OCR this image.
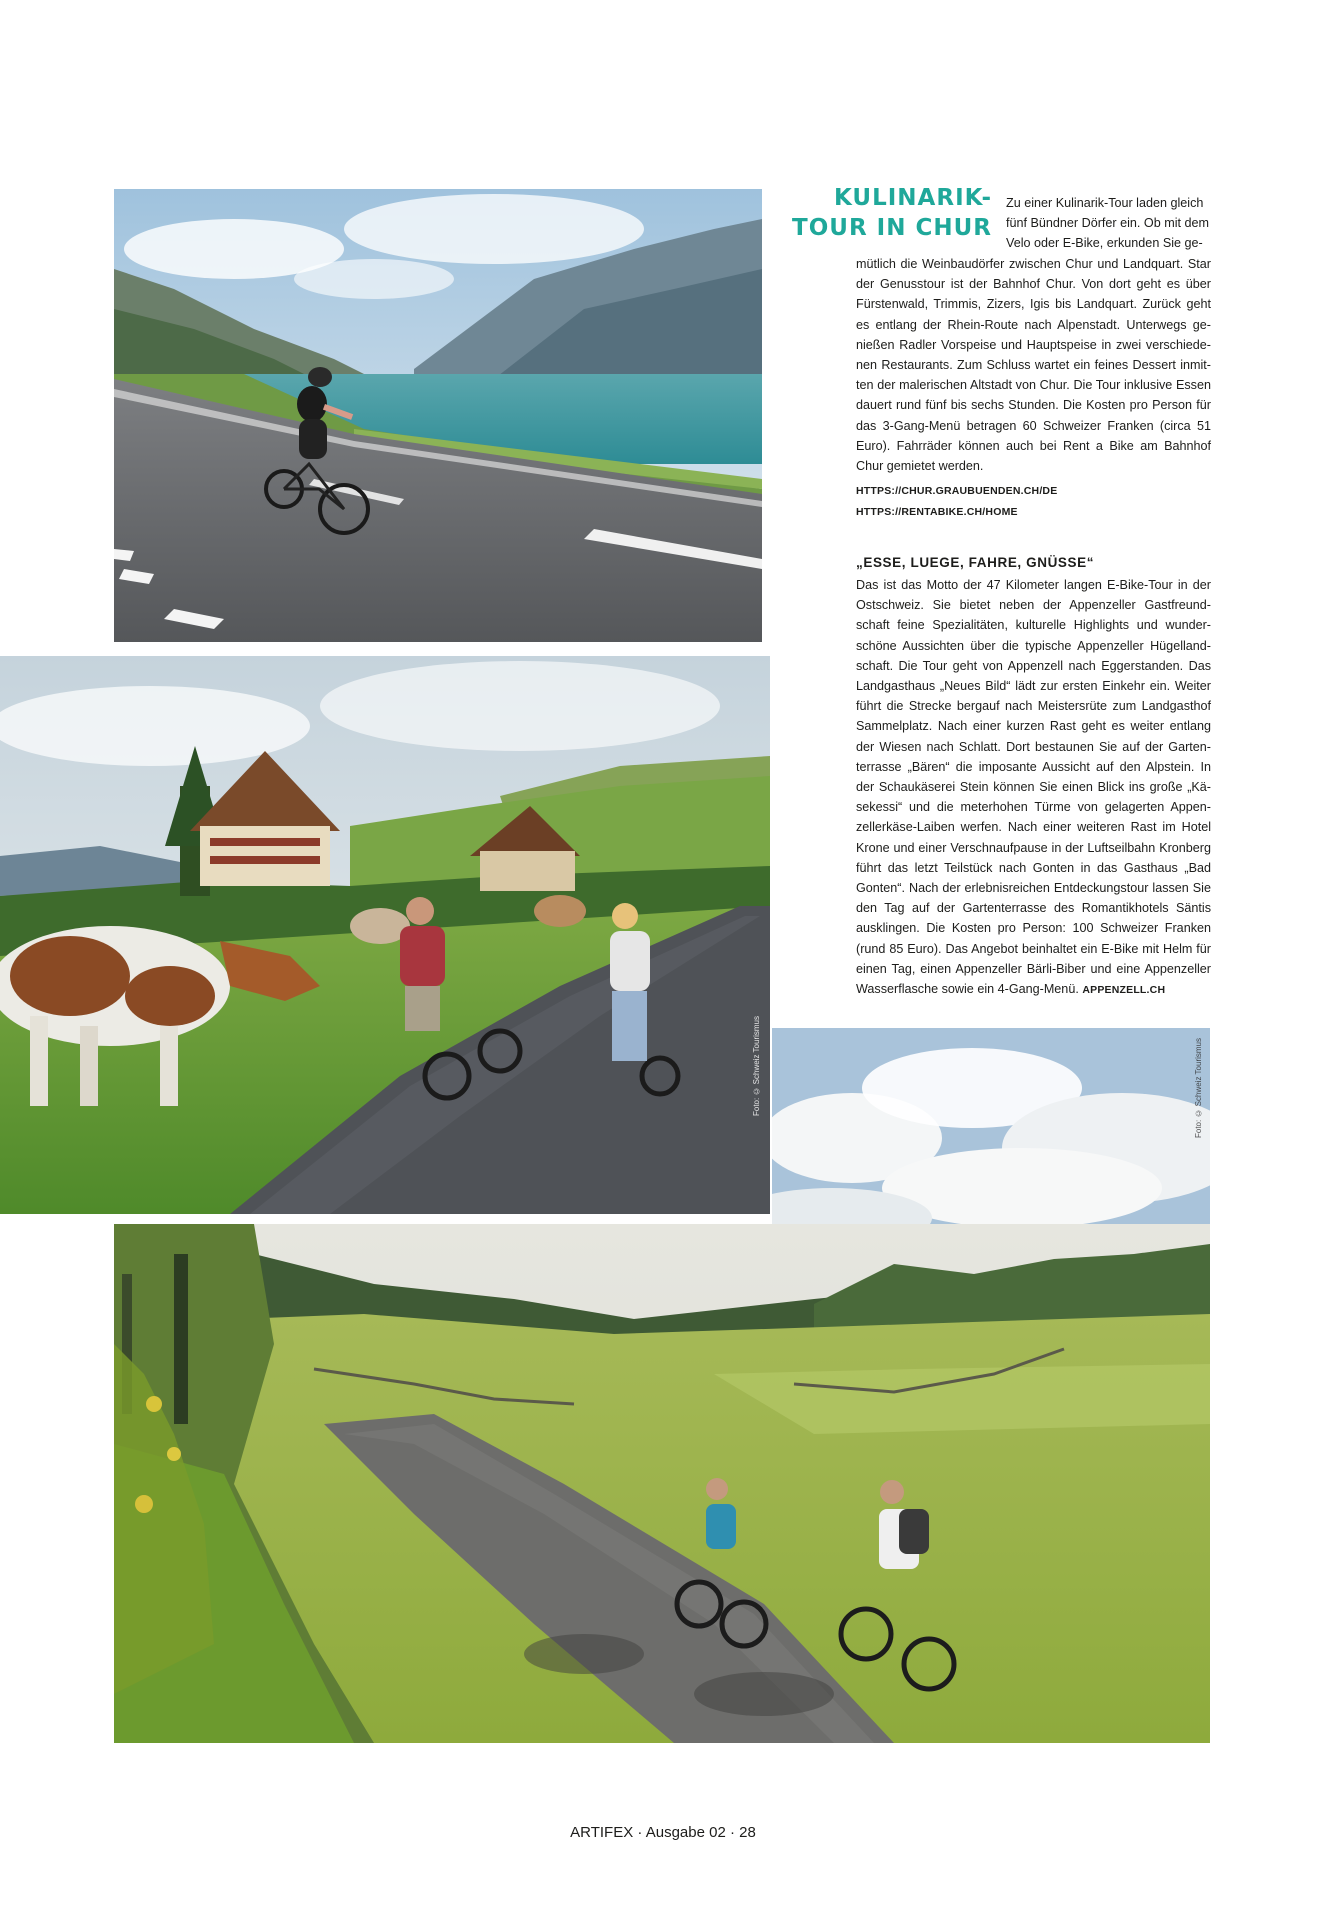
Foto: © Schweiz Tourismus	Foto: © Schweiz Tourismus
KULINARIK-
TOUR IN CHUR

Zu einer Kulinarik-Tour laden gleich

fünf Bündner Dörfer ein. Ob mit dem

Velo oder E-Bike, erkunden Sie ge-

mütlich die Weinbaudörfer zwischen Chur und Landquart. Star der Genusstour ist der Bahnhof Chur. Von dort geht es über Fürstenwald, Trimmis, Zizers, Igis bis Landquart. Zurück geht es entlang der Rhein-Route nach Alpenstadt. Unterwegs ge-nießen Radler Vorspeise und Hauptspeise in zwei verschiede-nen Restaurants. Zum Schluss wartet ein feines Dessert inmit-ten der malerischen Altstadt von Chur. Die Tour inklusive Essen dauert rund fünf bis sechs Stunden. Die Kosten pro Person für das 3-Gang-Menü betragen 60 Schweizer Franken (circa 51 Euro). Fahrräder können auch bei Rent a Bike am Bahnhof Chur gemietet werden.

HTTPS://CHUR.GRAUBUENDEN.CH/DE

HTTPS://RENTABIKE.CH/HOME

„ESSE, LUEGE, FAHRE, GNÜSSE“

Das ist das Motto der 47 Kilometer langen E-Bike-Tour in der Ostschweiz. Sie bietet neben der Appenzeller Gastfreund-schaft feine Spezialitäten, kulturelle Highlights und wunder-schöne Aussichten über die typische Appenzeller Hügelland-schaft. Die Tour geht von Appenzell nach Eggerstanden. Das Landgasthaus „Neues Bild“ lädt zur ersten Einkehr ein. Weiter führt die Strecke bergauf nach Meistersrüte zum Landgasthof Sammelplatz. Nach einer kurzen Rast geht es weiter entlang der Wiesen nach Schlatt. Dort bestaunen Sie auf der Garten-terrasse „Bären“ die imposante Aussicht auf den Alpstein. In der Schaukäserei Stein können Sie einen Blick ins große „Kä-sekessi“ und die meterhohen Türme von gelagerten Appen-zellerkäse-Laiben werfen. Nach einer weiteren Rast im Hotel Krone und einer Verschnaufpause in der Luftseilbahn Kronberg führt das letzt Teilstück nach Gonten in das Gasthaus „Bad Gonten“. Nach der erlebnisreichen Entdeckungstour lassen Sie den Tag auf der Gartenterrasse des Romantikhotels Säntis ausklingen. Die Kosten pro Person: 100 Schweizer Franken (rund 85 Euro). Das Angebot beinhaltet ein E-Bike mit Helm für einen Tag, einen Appenzeller Bärli-Biber und eine Appenzeller Wasserflasche sowie ein 4-Gang-Menü. APPENZELL.CH

ARTIFEX · Ausgabe 02 · 28
